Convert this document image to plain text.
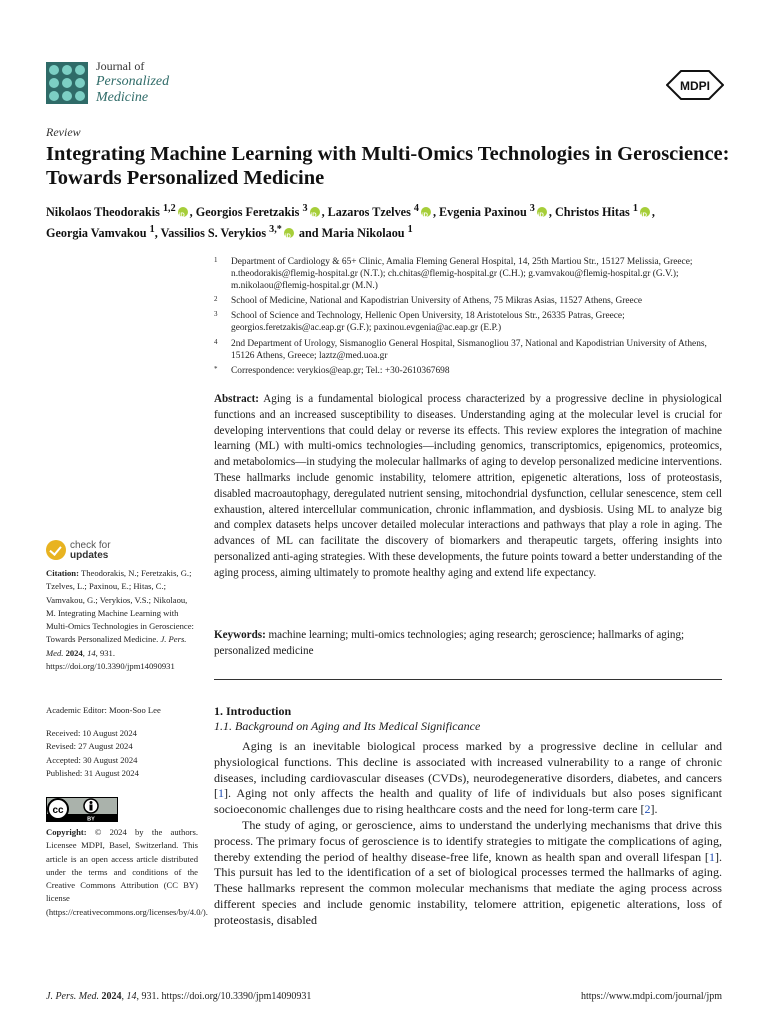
Journal of
Personalized
Medicine
MDPI
Review
Integrating Machine Learning with Multi-Omics Technologies in Geroscience: Towards Personalized Medicine
Nikolaos Theodorakis $^{1,2}$ iD , Georgios Feretzakis $^3$ iD , Lazaros Tzelves $^4$ iD , Evgenia Paxinou $^3$ iD , Christos Hitas $^1$ iD ,
Georgia Vamvakou $^1$, Vassilios S. Verykios $^{3,*}$iD and Maria Nikolaou $^1$
1 Department of Cardiology & 65+ Clinic, Amalia Fleming General Hospital, 14, 25th Martiou Str., 15127 Melissia, Greece; n.theodorakis@flemig-hospital.gr (N.T.); ch.chitas@flemig-hospital.gr (C.H.); g.vamvakou@flemig-hospital.gr (G.V.); m.nikolaou@flemig-hospital.gr (M.N.)
2 School of Medicine, National and Kapodistrian University of Athens, 75 Mikras Asias, 11527 Athens, Greece
3 School of Science and Technology, Hellenic Open University, 18 Aristotelous Str., 26335 Patras, Greece; georgios.feretzakis@ac.eap.gr (G.F.); paxinou.evgenia@ac.eap.gr (E.P.)
4 2nd Department of Urology, Sismanoglio General Hospital, Sismanogliou 37, National and Kapodistrian University of Athens, 15126 Athens, Greece; laztz@med.uoa.gr
* Correspondence: verykios@eap.gr; Tel.: +30-2610367698
Abstract: Aging is a fundamental biological process characterized by a progressive decline in physiological functions and an increased susceptibility to diseases. Understanding aging at the molecular level is crucial for developing interventions that could delay or reverse its effects. This review explores the integration of machine learning (ML) with multi-omics technologies—including genomics, transcriptomics, epigenomics, proteomics, and metabolomics—in studying the molecular hallmarks of aging to develop personalized medicine interventions. These hallmarks include genomic instability, telomere attrition, epigenetic alterations, loss of proteostasis, disabled macroautophagy, deregulated nutrient sensing, mitochondrial dysfunction, cellular senescence, stem cell exhaustion, altered intercellular communication, chronic inflammation, and dysbiosis. Using ML to analyze big and complex datasets helps uncover detailed molecular interactions and pathways that play a role in aging. The advances of ML can facilitate the discovery of biomarkers and therapeutic targets, offering insights into personalized anti-aging strategies. With these developments, the future points toward a better understanding of the aging process, aiming ultimately to promote healthy aging and extend life expectancy.
Keywords: machine learning; multi-omics technologies; aging research; geroscience; hallmarks of aging; personalized medicine
1. Introduction
1.1. Background on Aging and Its Medical Significance

Aging is an inevitable biological process marked by a progressive decline in cellular and physiological functions. This decline is associated with increased vulnerability to a range of chronic diseases, including cardiovascular diseases (CVDs), neurodegenerative disorders, diabetes, and cancers [1]. Aging not only affects the health and quality of life of individuals but also poses significant socioeconomic challenges due to rising healthcare costs and the need for long-term care [2].

The study of aging, or geroscience, aims to understand the underlying mechanisms that drive this process. The primary focus of geroscience is to identify strategies to mitigate the complications of aging, thereby extending the period of healthy disease-free life, known as health span and overall lifespan [1]. This pursuit has led to the identification of a set of biological processes termed the hallmarks of aging. These hallmarks represent the common molecular mechanisms that mediate the aging process across different species and include genomic instability, telomere attrition, epigenetic alterations, loss of proteostasis, disabled

check for
updates
Citation: Theodorakis, N.; Feretzakis, G.; Tzelves, L.; Paxinou, E.; Hitas, C.; Vamvakou, G.; Verykios, V.S.; Nikolaou, M. Integrating Machine Learning with Multi-Omics Technologies in Geroscience: Towards Personalized Medicine. J. Pers. Med. 2024, 14, 931. https://doi.org/10.3390/jpm14090931
Academic Editor: Moon-Soo Lee
Received: 10 August 2024
Revised: 27 August 2024
Accepted: 30 August 2024
Published: 31 August 2024
cc
BY
Copyright: © 2024 by the authors. Licensee MDPI, Basel, Switzerland. This article is an open access article distributed under the terms and conditions of the Creative Commons Attribution (CC BY) license (https://creativecommons.org/licenses/by/4.0/).
J. Pers. Med. 2024, 14, 931. https://doi.org/10.3390/jpm14090931	https://www.mdpi.com/journal/jpm
